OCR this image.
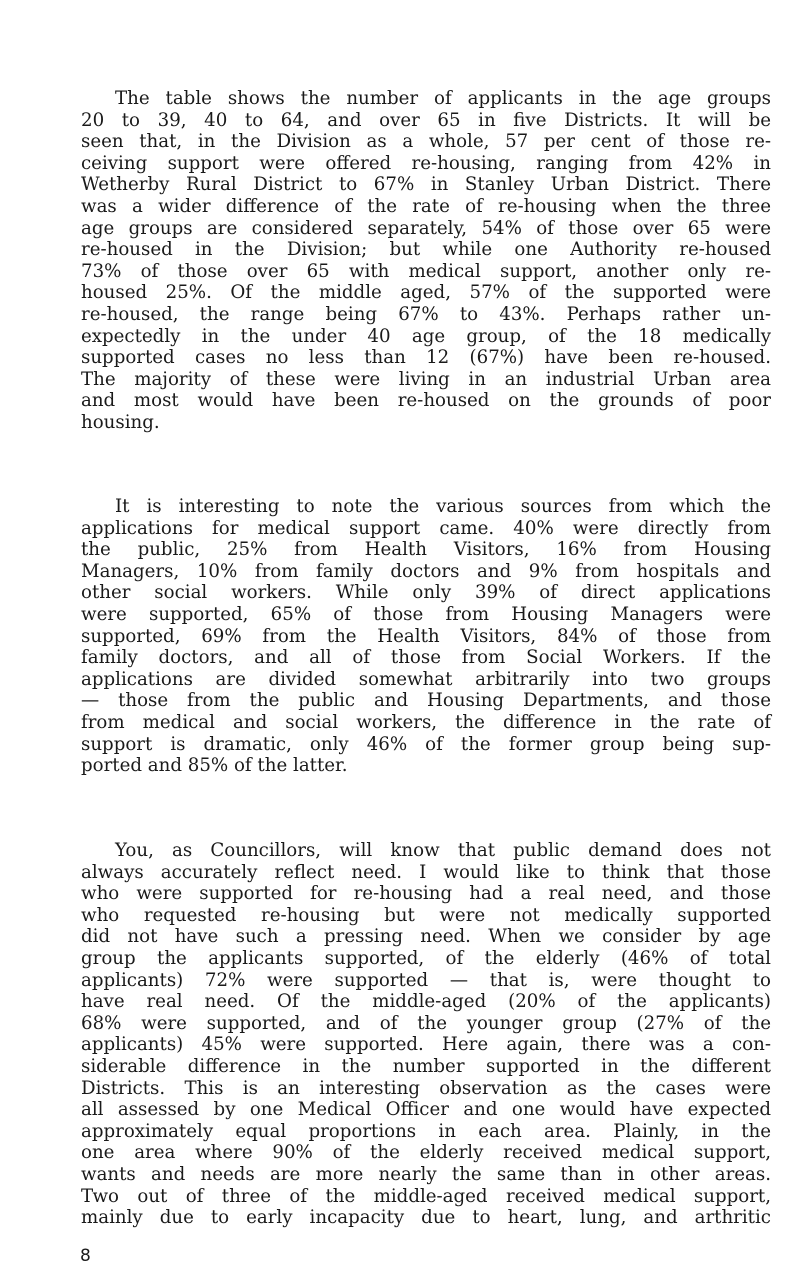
The table shows the number of applicants in the age groups
20 to 39, 40 to 64, and over 65 in five Districts. It will be
seen that, in the Division as a whole, 57 per cent of those re-
ceiving support were offered re-housing, ranging from 42% in
Wetherby Rural District to 67% in Stanley Urban District. There
was a wider difference of the rate of re-housing when the three
age groups are considered separately, 54% of those over 65 were
re-housed in the Division; but while one Authority re-housed
73% of those over 65 with medical support, another only re-
housed 25%. Of the middle aged, 57% of the supported were
re-housed, the range being 67% to 43%. Perhaps rather un-
expectedly in the under 40 age group, of the 18 medically
supported cases no less than 12 (67%) have been re-housed.
The majority of these were living in an industrial Urban area
and most would have been re-housed on the grounds of poor
housing.

It is interesting to note the various sources from which the
applications for medical support came. 40% were directly from
the public, 25% from Health Visitors, 16% from Housing
Managers, 10% from family doctors and 9% from hospitals and
other social workers. While only 39% of direct applications
were supported, 65% of those from Housing Managers were
supported, 69% from the Health Visitors, 84% of those from
family doctors, and all of those from Social Workers. If the
applications are divided somewhat arbitrarily into two groups
— those from the public and Housing Departments, and those
from medical and social workers, the difference in the rate of
support is dramatic, only 46% of the former group being sup-
ported and 85% of the latter.

You, as Councillors, will know that public demand does not
always accurately reflect need. I would like to think that those
who were supported for re-housing had a real need, and those
who requested re-housing but were not medically supported
did not have such a pressing need. When we consider by age
group the applicants supported, of the elderly (46% of total
applicants) 72% were supported — that is, were thought to
have real need. Of the middle-aged (20% of the applicants)
68% were supported, and of the younger group (27% of the
applicants) 45% were supported. Here again, there was a con-
siderable difference in the number supported in the different
Districts. This is an interesting observation as the cases were
all assessed by one Medical Officer and one would have expected
approximately equal proportions in each area. Plainly, in the
one area where 90% of the elderly received medical support,
wants and needs are more nearly the same than in other areas.
Two out of three of the middle-aged received medical support,
mainly due to early incapacity due to heart, lung, and arthritic

8
